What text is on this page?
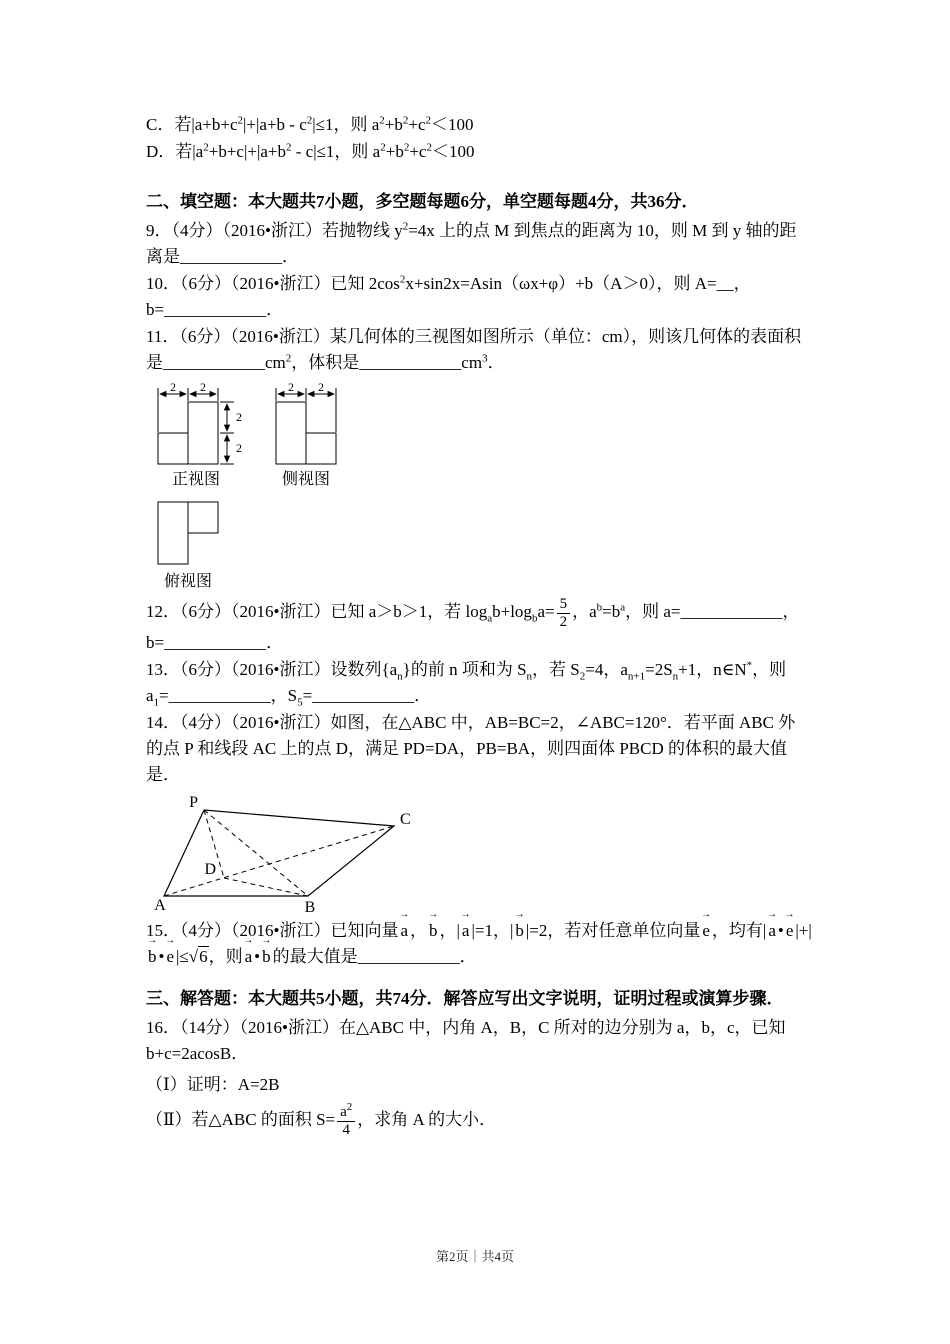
C．若$|a+b+c^2|+|a+b - c^2|\le 1$，则 $a^2+b^2+c^2<100$

D．若$|a^2+b+c|+|a+b^2 - c|\le 1$，则 $a^2+b^2+c^2<100$

二、填空题：本大题共7小题，多空题每题6分，单空题每题4分，共36分．

9．（4分）（2016•浙江）若抛物线 $y^2=4x$ 上的点 M 到焦点的距离为 10，则 M 到 y 轴的距离是____________．

10．（6分）（2016•浙江）已知 $2\cos^2x+\sin 2x=Asin(\omega x+\varphi)+b(A>0)$，则 A=__，b=____________．

11．（6分）（2016•浙江）某几何体的三视图如图所示（单位：cm），则该几何体的表面积是$\_\_\_\_\_\_\_\_\_\_\_\_cm^2$，体积是$\_\_\_\_\_\_\_\_\_\_\_\_cm^3$．

2 2
2
2
2 2
正视图	侧视图
俯视图

12．（6分）（2016•浙江）已知 a＞b＞1，若 $\log_ab+\log_ba= \frac{5}{2}$ ，$a^b=b^a$，则 a=____________，b=____________．

13．（6分）（2016•浙江）设数列$\{a_n\}$的前 n 项和为 $S_n$，若 $S_2=4$，$a_{n+1}=2S_n+1$，n∈N*，则 $a_1=\_\_\_\_\_\_\_\_\_\_\_\_$，$S_5=\_\_\_\_\_\_\_\_\_\_\_\_$．

14．（4分）（2016•浙江）如图，在△ABC 中，AB=BC=2，∠ABC=120°．若平面 ABC 外的点 P 和线段 AC 上的点 D，满足 PD=DA，PB=BA，则四面体 PBCD 的体积的最大值是．

P
C
D
A	B

15．（4分）（2016•浙江）已知向量 → a ， → b ，| → a |=1，| → b |=2，若对任意单位向量 → e ，均有| → a • → e |+|→ b • → e |≤√6，则 → a • → b 的最大值是____________．

三、解答题：本大题共5小题，共74分．解答应写出文字说明，证明过程或演算步骤．

16．（14分）（2016•浙江）在△ABC 中，内角 A，B，C 所对的边分别为 a，b，c，已知 b+c=2acosB．

（Ⅰ）证明：A=2B

（Ⅱ）若△ABC 的面积 $S= \frac{a^2}{4}$ ，求角 A 的大小．

第2页｜共4页
